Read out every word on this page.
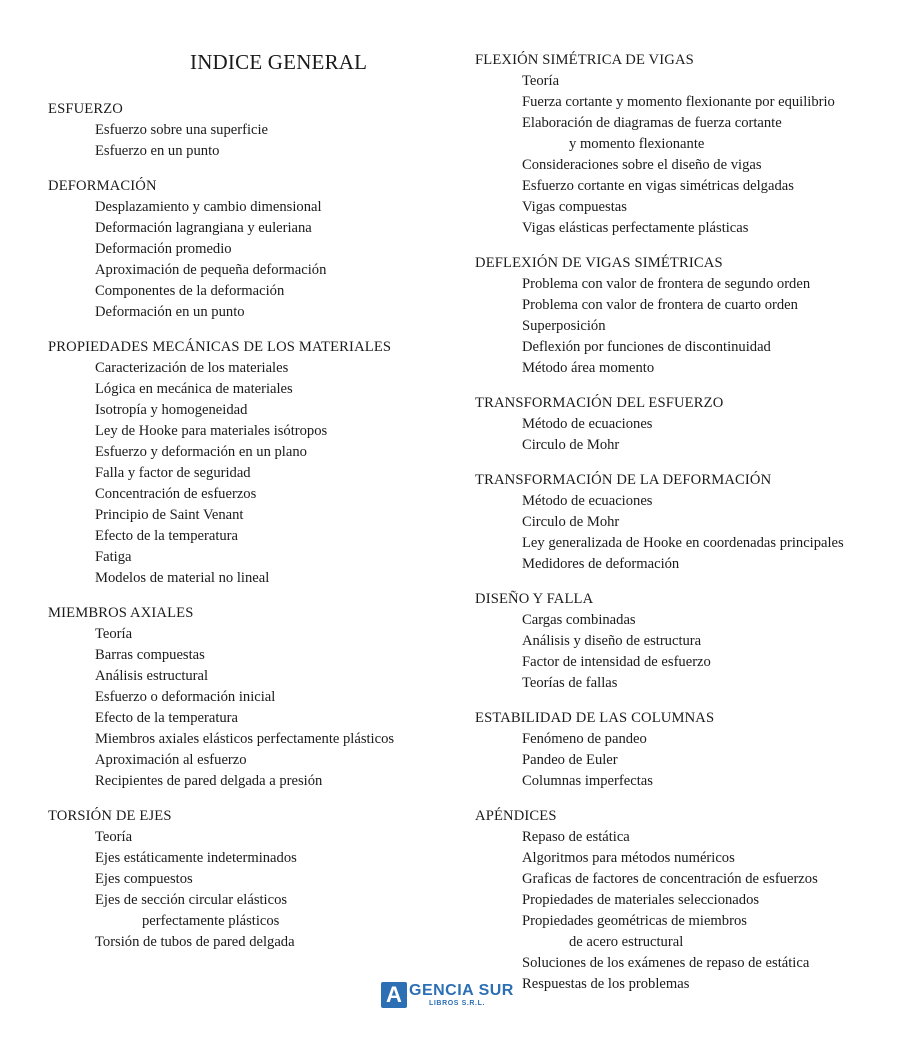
INDICE GENERAL
ESFUERZO
Esfuerzo sobre una superficie
Esfuerzo en un punto
DEFORMACIÓN
Desplazamiento y cambio dimensional
Deformación lagrangiana y euleriana
Deformación promedio
Aproximación de pequeña deformación
Componentes de la deformación
Deformación en un punto
PROPIEDADES MECÁNICAS DE LOS MATERIALES
Caracterización de los materiales
Lógica en mecánica de materiales
Isotropía y homogeneidad
Ley de Hooke para materiales isótropos
Esfuerzo y deformación en un plano
Falla y factor de seguridad
Concentración de esfuerzos
Principio de Saint Venant
Efecto de la temperatura
Fatiga
Modelos de material no lineal
MIEMBROS AXIALES
Teoría
Barras compuestas
Análisis estructural
Esfuerzo o deformación inicial
Efecto de la temperatura
Miembros axiales elásticos perfectamente plásticos
Aproximación al esfuerzo
Recipientes de pared delgada a presión
TORSIÓN DE EJES
Teoría
Ejes estáticamente indeterminados
Ejes compuestos
Ejes de sección circular elásticos
perfectamente plásticos
Torsión de tubos de pared delgada
FLEXIÓN SIMÉTRICA DE VIGAS
Teoría
Fuerza cortante y momento flexionante por equilibrio
Elaboración de diagramas de fuerza cortante
y momento flexionante
Consideraciones sobre el diseño de vigas
Esfuerzo cortante en vigas simétricas delgadas
Vigas compuestas
Vigas elásticas perfectamente plásticas
DEFLEXIÓN DE VIGAS SIMÉTRICAS
Problema con valor de frontera de segundo orden
Problema con valor de frontera de cuarto orden
Superposición
Deflexión por funciones de discontinuidad
Método área momento
TRANSFORMACIÓN DEL ESFUERZO
Método de ecuaciones
Circulo de Mohr
TRANSFORMACIÓN DE LA DEFORMACIÓN
Método de ecuaciones
Circulo de Mohr
Ley generalizada de Hooke en coordenadas principales
Medidores de deformación
DISEÑO Y FALLA
Cargas combinadas
Análisis y diseño de estructura
Factor de intensidad de esfuerzo
Teorías de fallas
ESTABILIDAD DE LAS COLUMNAS
Fenómeno de pandeo
Pandeo de Euler
Columnas imperfectas
APÉNDICES
Repaso de estática
Algoritmos para métodos numéricos
Graficas de factores de concentración de esfuerzos
Propiedades de materiales seleccionados
Propiedades geométricas de miembros
de acero estructural
Soluciones de los exámenes de repaso de estática
Respuestas de los problemas
A GENCIA SUR
LIBROS S.R.L.
